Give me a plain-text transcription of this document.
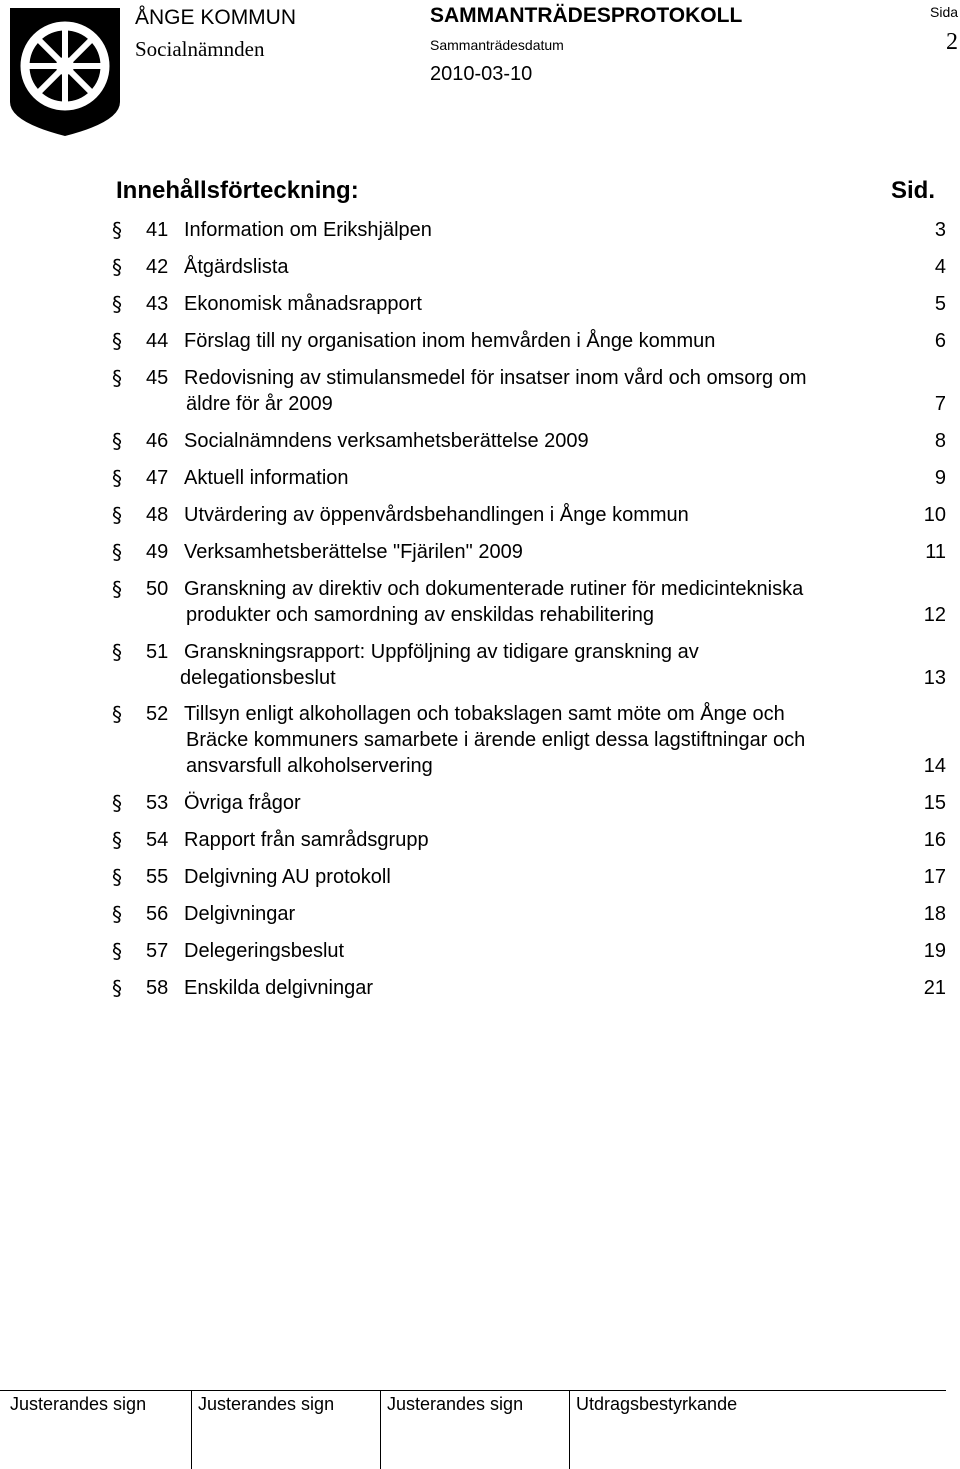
ÅNGE KOMMUN
Socialnämnden
SAMMANTRÄDESPROTOKOLL
Sammanträdesdatum
2010-03-10
Sida
2
Innehållsförteckning:	Sid.
§ 41 Information om Erikshjälpen	3
§ 42 Åtgärdslista	4
§ 43 Ekonomisk månadsrapport	5
§ 44 Förslag till ny organisation inom hemvården i Ånge kommun	6
§ 45 Redovisning av stimulansmedel för insatser inom vård och omsorg om
äldre för år 2009	7
§ 46 Socialnämndens verksamhetsberättelse 2009	8
§ 47 Aktuell information	9
§ 48 Utvärdering av öppenvårdsbehandlingen i Ånge kommun	10
§ 49 Verksamhetsberättelse "Fjärilen" 2009	11
§ 50 Granskning av direktiv och dokumenterade rutiner för medicintekniska
produkter och samordning av enskildas rehabilitering	12
§ 51 Granskningsrapport: Uppföljning av tidigare granskning av
delegationsbeslut	13
§ 52 Tillsyn enligt alkohollagen och tobakslagen samt möte om Ånge och
Bräcke kommuners samarbete i ärende enligt dessa lagstiftningar och
ansvarsfull alkoholservering	14
§ 53 Övriga frågor	15
§ 54 Rapport från samrådsgrupp	16
§ 55 Delgivning AU protokoll	17
§ 56 Delgivningar	18
§ 57 Delegeringsbeslut	19
§ 58 Enskilda delgivningar	21
Justerandes sign	Justerandes sign	Justerandes sign	Utdragsbestyrkande
